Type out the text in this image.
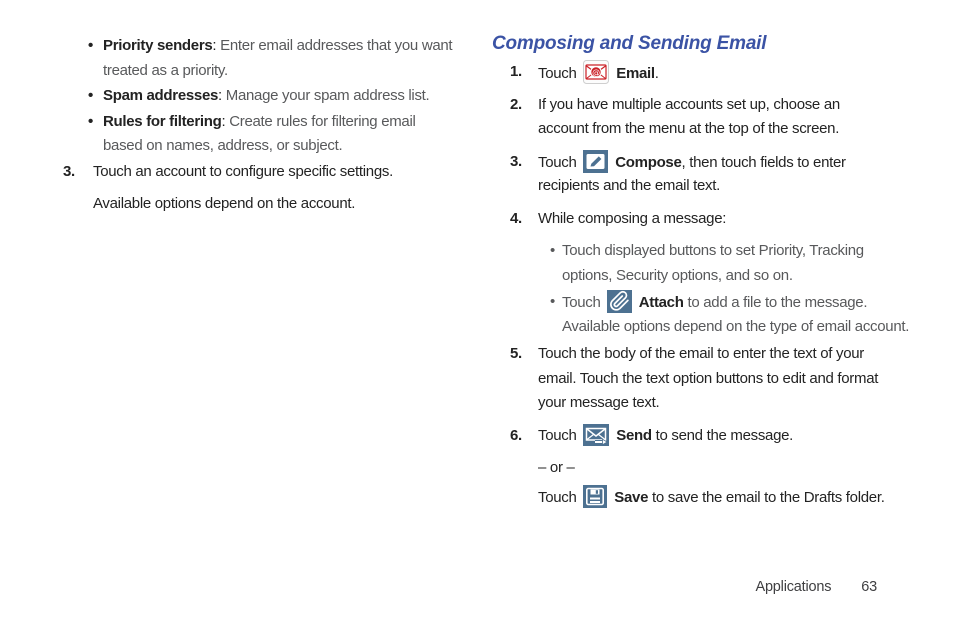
• Priority senders: Enter email addresses that you want
treated as a priority.
• Spam addresses: Manage your spam address list.
• Rules for filtering: Create rules for filtering email
based on names, address, or subject.
3. Touch an account to configure specific settings.
Available options depend on the account.
Composing and Sending Email
1. Touch @ Email.
2. If you have multiple accounts set up, choose an
account from the menu at the top of the screen.
3. Touch
Compose, then touch fields to enter
recipients and the email text.
4. While composing a message:
• Touch displayed buttons to set Priority, Tracking
options, Security options, and so on.
• Touch
Attach to add a file to the message.
Available options depend on the type of email account.
5. Touch the body of the email to enter the text of your
email. Touch the text option buttons to edit and format
your message text.
6. Touch
Send to send the message.
– or –
Touch
Save to save the email to the Drafts folder.
Applications 63
